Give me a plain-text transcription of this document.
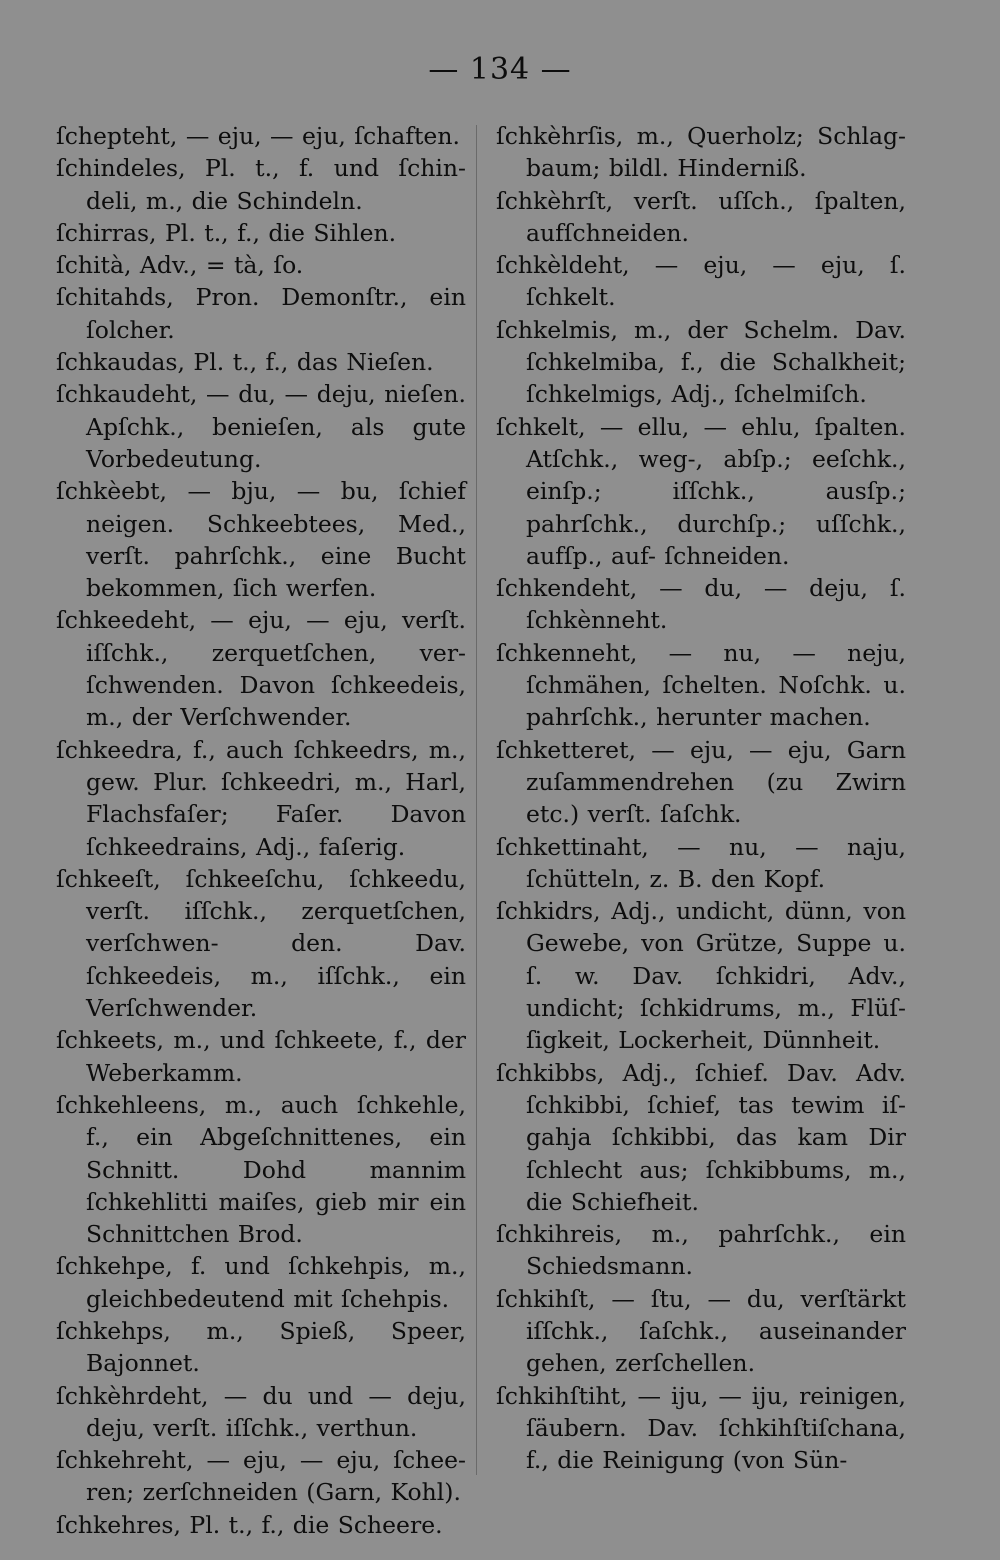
— 134 —

ſchepteht, — eju, — eju, ſchaften.

ſchindeles, Pl. t., f. und ſchin- deli, m., die Schindeln.

ſchirras, Pl. t., f., die Sihlen.

ſchità, Adv., = tà, ſo.

ſchitahds, Pron. Demonſtr., ein ſolcher.

ſchkaudas, Pl. t., f., das Nieſen.

ſchkaudeht, — du, — deju, nieſen. Apſchk., benieſen, als gute Vorbedeutung.

ſchkèebt, — bju, — bu, ſchief neigen. Schkeebtees, Med., verſt. pahrſchk., eine Bucht bekommen, ſich werfen.

ſchkeedeht, — eju, — eju, verſt. iſſchk., zerquetſchen, ver- ſchwenden. Davon ſchkeedeis, m., der Verſchwender.

ſchkeedra, f., auch ſchkeedrs, m., gew. Plur. ſchkeedri, m., Harl, Flachsfaſer; Faſer. Davon ſchkeedrains, Adj., faſerig.

ſchkeeſt, ſchkeeſchu, ſchkeedu, verſt. iſſchk., zerquetſchen, verſchwen- den. Dav. ſchkeedeis, m., iſſchk., ein Verſchwender.

ſchkeets, m., und ſchkeete, f., der Weberkamm.

ſchkehleens, m., auch ſchkehle, f., ein Abgeſchnittenes, ein Schnitt. Dohd mannim ſchkehlitti maiſes, gieb mir ein Schnittchen Brod.

ſchkehpe, f. und ſchkehpis, m., gleichbedeutend mit ſchehpis.

ſchkehps, m., Spieß, Speer, Bajonnet.

ſchkèhrdeht, — du und — deju, deju, verſt. iſſchk., verthun.

ſchkehreht, — eju, — eju, ſchee- ren; zerſchneiden (Garn, Kohl).

ſchkehres, Pl. t., f., die Scheere.

ſchkèhrſis, m., Querholz; Schlag- baum; bildl. Hinderniß.

ſchkèhrſt, verſt. uſſch., ſpalten, aufſchneiden.

ſchkèldeht, — eju, — eju, ſ. ſchkelt.

ſchkelmis, m., der Schelm. Dav. ſchkelmiba, f., die Schalkheit; ſchkelmigs, Adj., ſchelmiſch.

ſchkelt, — ellu, — ehlu, ſpalten. Atſchk., weg-, abſp.; eeſchk., einſp.; iſſchk., ausſp.; pahrſchk., durchſp.; uſſchk., aufſp., auf- ſchneiden.

ſchkendeht, — du, — deju, ſ. ſchkènneht.

ſchkenneht, — nu, — neju, ſchmähen, ſchelten. Noſchk. u. pahrſchk., herunter machen.

ſchketteret, — eju, — eju, Garn zuſammendrehen (zu Zwirn etc.) verſt. ſaſchk.

ſchkettinaht, — nu, — naju, ſchütteln, z. B. den Kopf.

ſchkidrs, Adj., undicht, dünn, von Gewebe, von Grütze, Suppe u. ſ. w. Dav. ſchkidri, Adv., undicht; ſchkidrums, m., Flüſ- ſigkeit, Lockerheit, Dünnheit.

ſchkibbs, Adj., ſchief. Dav. Adv. ſchkibbi, ſchief, tas tewim iſ- gahja ſchkibbi, das kam Dir ſchlecht aus; ſchkibbums, m., die Schiefheit.

ſchkihreis, m., pahrſchk., ein Schiedsmann.

ſchkihſt, — ſtu, — du, verſtärkt iſſchk., ſaſchk., auseinander gehen, zerſchellen.

ſchkihſtiht, — iju, — iju, reinigen, ſäubern. Dav. ſchkihſtiſchana, f., die Reinigung (von Sün-
